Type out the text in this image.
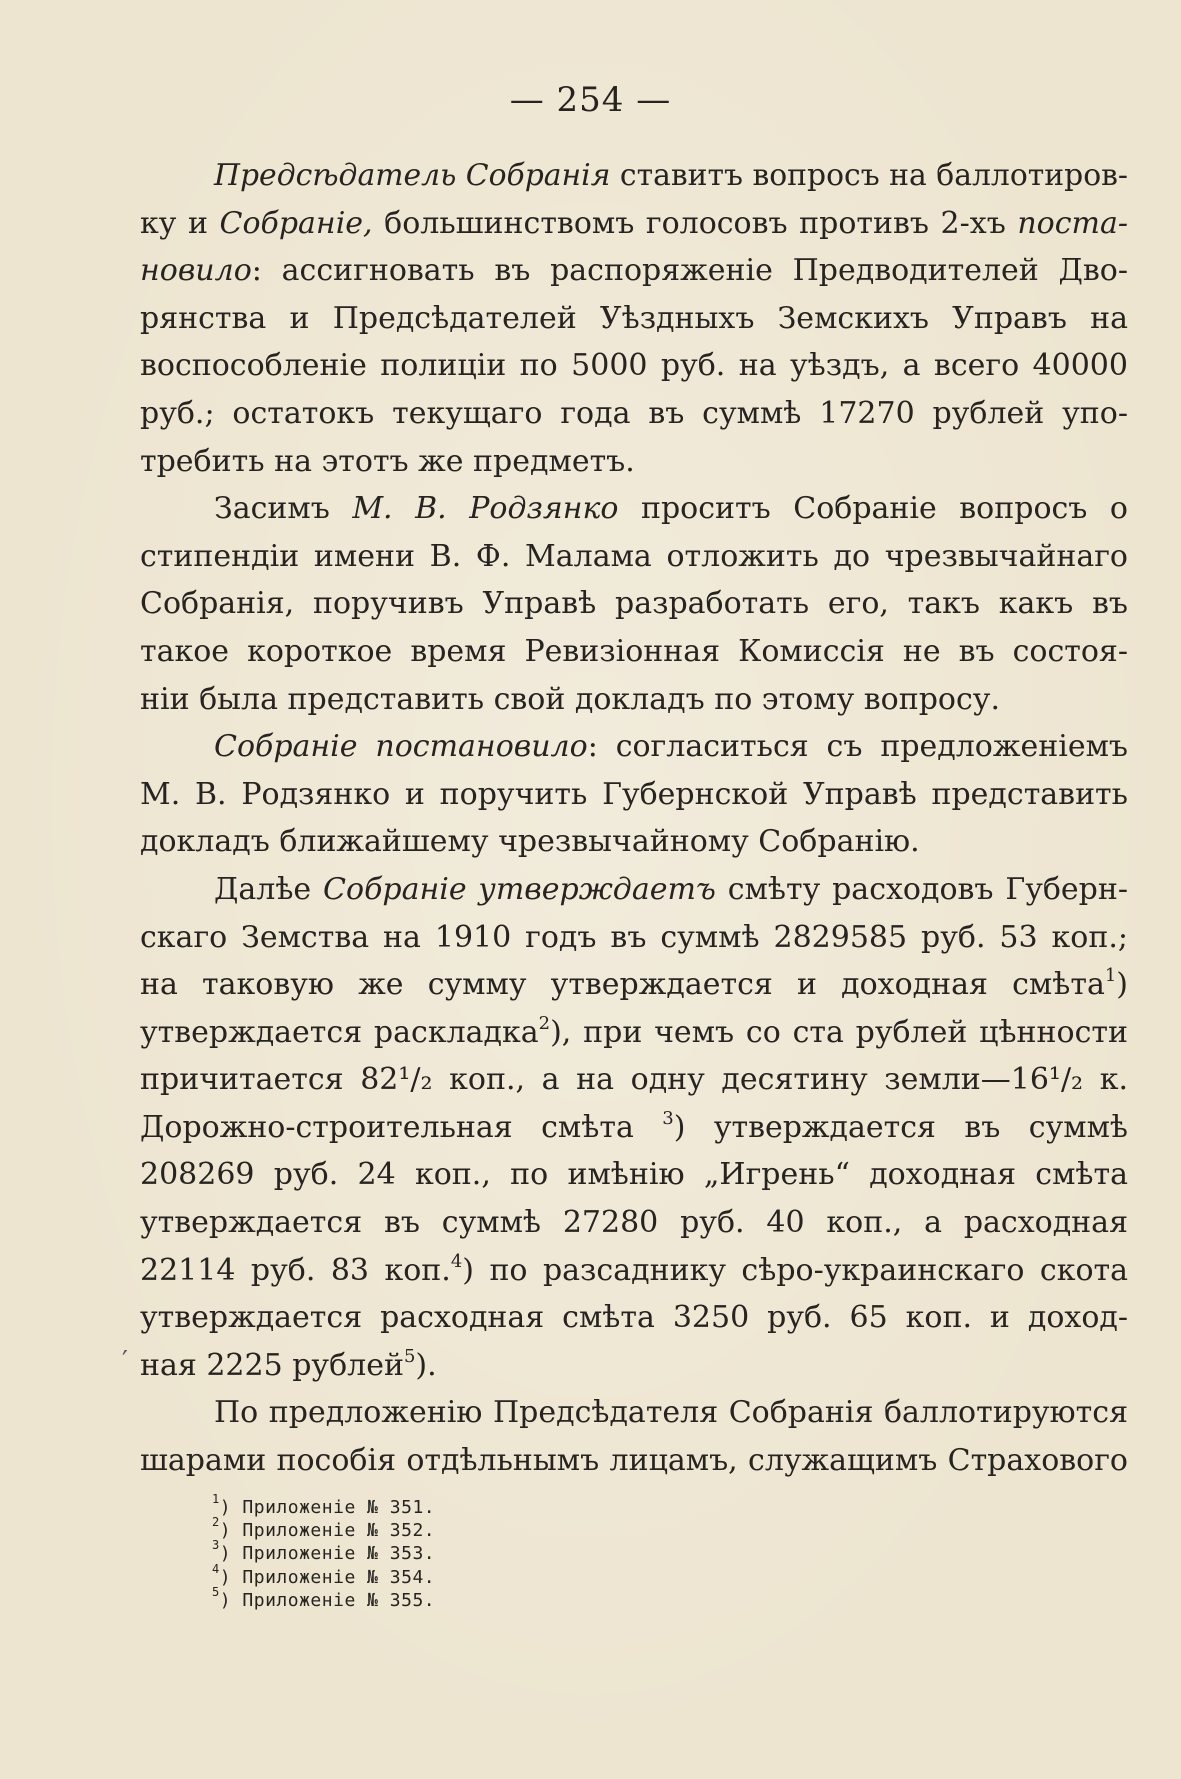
— 254 —

Предсѣдатель Собранія ставитъ вопросъ на баллотиров-

ку и Собраніе, большинствомъ голосовъ противъ 2-хъ поста-

новило: ассигновать въ распоряженіе Предводителей Дво-

рянства и Предсѣдателей Уѣздныхъ Земскихъ Управъ на

воспособленіе полиціи по 5000 руб. на уѣздъ, а всего 40000

руб.; остатокъ текущаго года въ суммѣ 17270 рублей упо-

требить на этотъ же предметъ.

Засимъ М. В. Родзянко проситъ Собраніе вопросъ о

стипендіи имени В. Ф. Малама отложить до чрезвычайнаго

Собранія, поручивъ Управѣ разработать его, такъ какъ въ

такое короткое время Ревизіонная Комиссія не въ состоя-

ніи была представить свой докладъ по этому вопросу.

Собраніе постановило: согласиться съ предложеніемъ

М. В. Родзянко и поручить Губернской Управѣ представить

докладъ ближайшему чрезвычайному Собранію.

Далѣе Собраніе утверждаетъ смѣту расходовъ Губерн-

скаго Земства на 1910 годъ въ суммѣ 2829585 руб. 53 коп.;

на таковую же сумму утверждается и доходная смѣта$^1$)

утверждается раскладка$^2$), при чемъ со ста рублей цѣнности

причитается 82¹/₂ коп., а на одну десятину земли—16¹/₂ к.

Дорожно-строительная смѣта $^3$) утверждается въ суммѣ

208269 руб. 24 коп., по имѣнію „Игрень“ доходная смѣта

утверждается въ суммѣ 27280 руб. 40 коп., а расходная

22114 руб. 83 коп.$^4$) по разсаднику сѣро-украинскаго скота

утверждается расходная смѣта 3250 руб. 65 коп. и доход-

ная 2225 рублей$^5$).

По предложенію Предсѣдателя Собранія баллотируются

шарами пособія отдѣльнымъ лицамъ, служащимъ Страхового

′
$^1$) Приложеніе № 351.
$^2$) Приложеніе № 352.
$^3$) Приложеніе № 353.
$^4$) Приложеніе № 354.
$^5$) Приложеніе № 355.
